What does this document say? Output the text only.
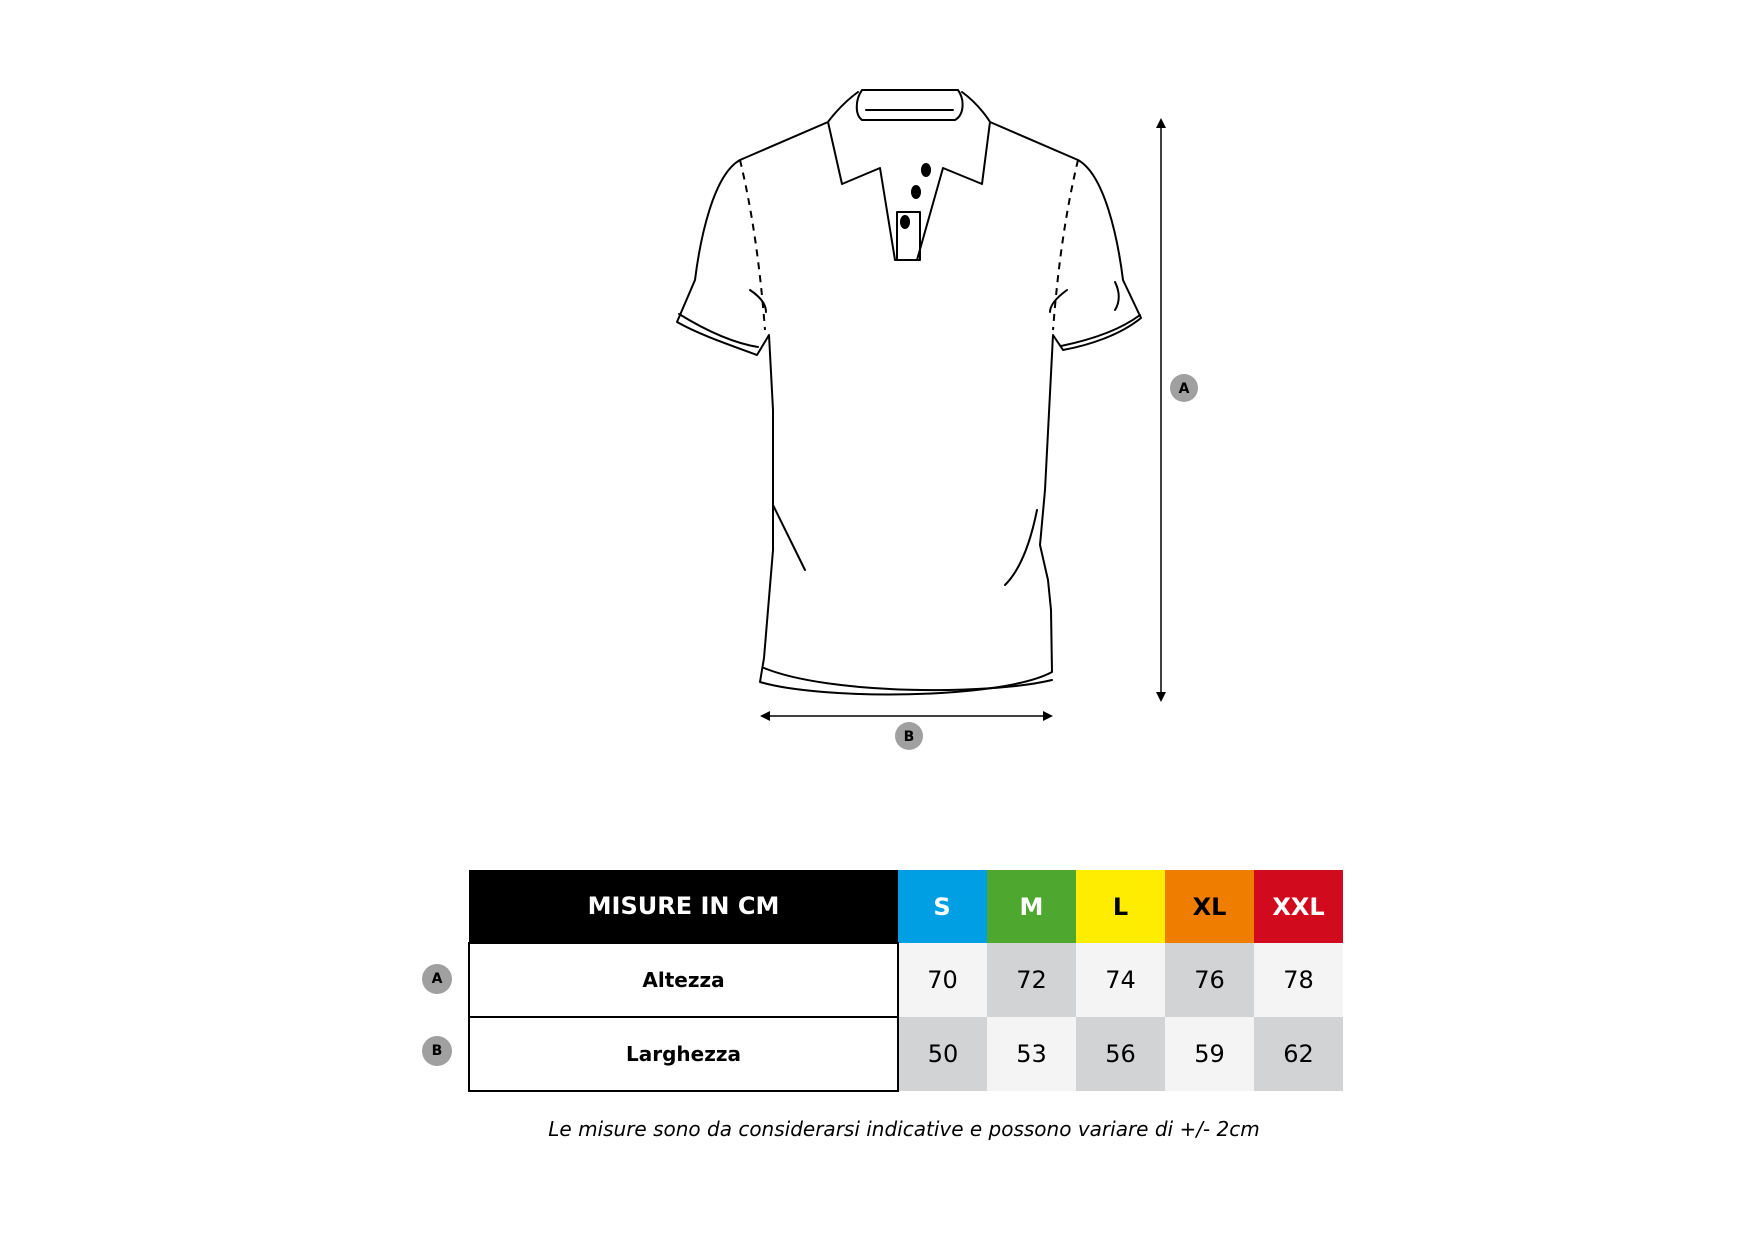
A
B
MISURE IN CM	S	M	L	XL	XXL
Altezza	70	72	74	76	78
Larghezza	50	53	56	59	62
A
B

Le misure sono da considerarsi indicative e possono variare di +/- 2cm
